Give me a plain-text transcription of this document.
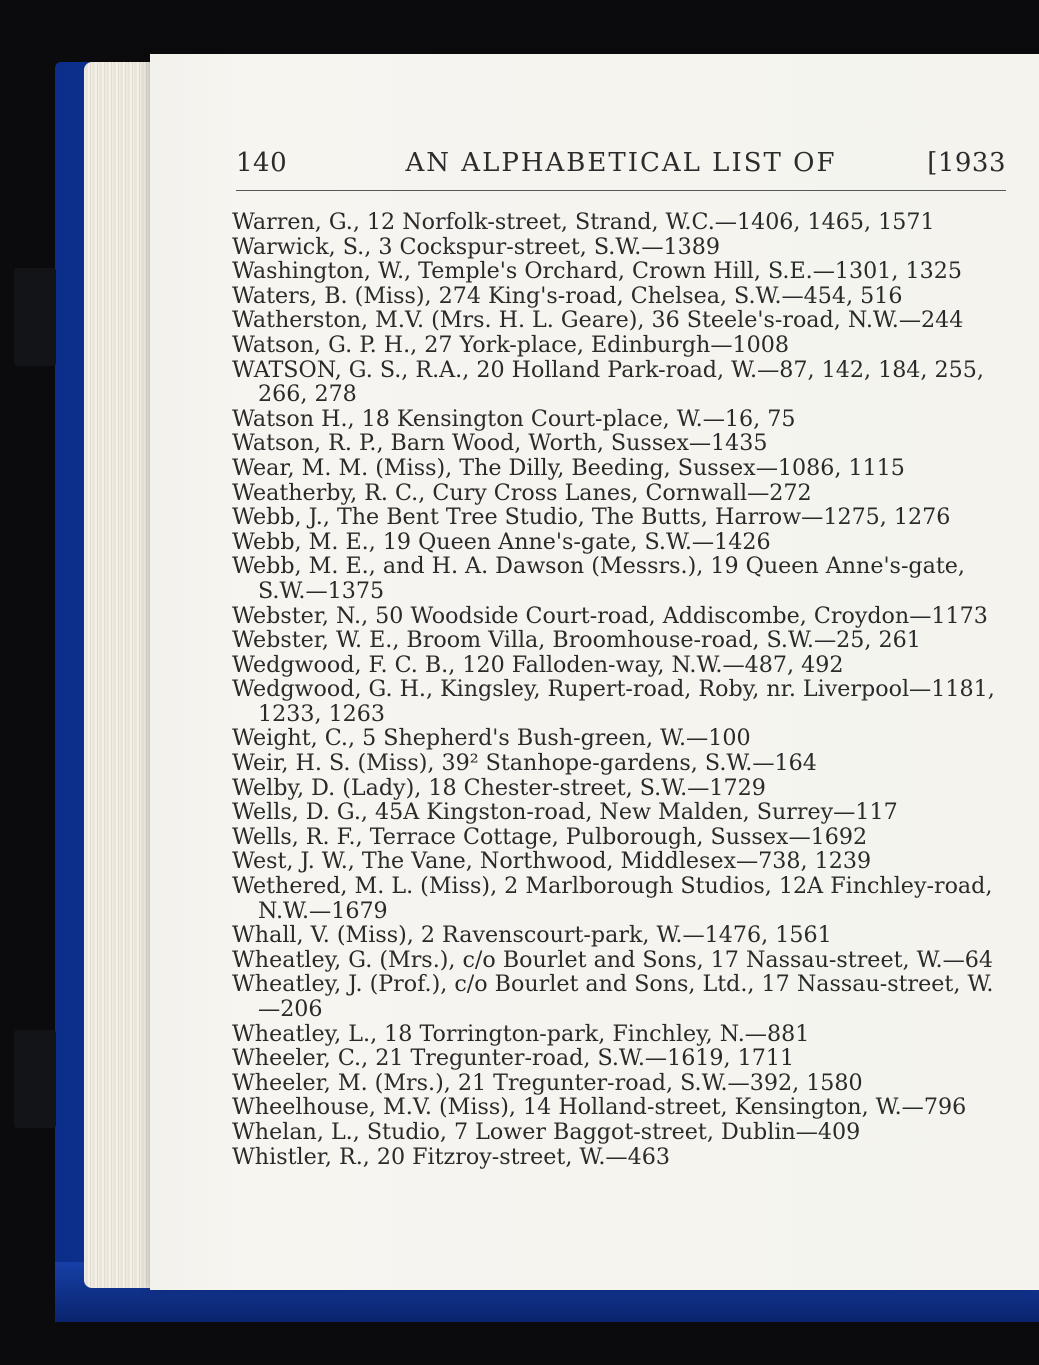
140	AN ALPHABETICAL LIST OF	[1933

Warren, G., 12 Norfolk-street, Strand, W.C.—1406, 1465, 1571

Warwick, S., 3 Cockspur-street, S.W.—1389

Washington, W., Temple's Orchard, Crown Hill, S.E.—1301, 1325

Waters, B. (Miss), 274 King's-road, Chelsea, S.W.—454, 516

Watherston, M.V. (Mrs. H. L. Geare), 36 Steele's-road, N.W.—244

Watson, G. P. H., 27 York-place, Edinburgh—1008

WATSON, G. S., R.A., 20 Holland Park-road, W.—87, 142, 184, 255, 266, 278

Watson H., 18 Kensington Court-place, W.—16, 75

Watson, R. P., Barn Wood, Worth, Sussex—1435

Wear, M. M. (Miss), The Dilly, Beeding, Sussex—1086, 1115

Weatherby, R. C., Cury Cross Lanes, Cornwall—272

Webb, J., The Bent Tree Studio, The Butts, Harrow—1275, 1276

Webb, M. E., 19 Queen Anne's-gate, S.W.—1426

Webb, M. E., and H. A. Dawson (Messrs.), 19 Queen Anne's-gate, S.W.—1375

Webster, N., 50 Woodside Court-road, Addiscombe, Croydon—1173

Webster, W. E., Broom Villa, Broomhouse-road, S.W.—25, 261

Wedgwood, F. C. B., 120 Falloden-way, N.W.—487, 492

Wedgwood, G. H., Kingsley, Rupert-road, Roby, nr. Liverpool—1181, 1233, 1263

Weight, C., 5 Shepherd's Bush-green, W.—100

Weir, H. S. (Miss), 39² Stanhope-gardens, S.W.—164

Welby, D. (Lady), 18 Chester-street, S.W.—1729

Wells, D. G., 45A Kingston-road, New Malden, Surrey—117

Wells, R. F., Terrace Cottage, Pulborough, Sussex—1692

West, J. W., The Vane, Northwood, Middlesex—738, 1239

Wethered, M. L. (Miss), 2 Marlborough Studios, 12A Finchley-road, N.W.—1679

Whall, V. (Miss), 2 Ravenscourt-park, W.—1476, 1561

Wheatley, G. (Mrs.), c/o Bourlet and Sons, 17 Nassau-street, W.—64

Wheatley, J. (Prof.), c/o Bourlet and Sons, Ltd., 17 Nassau-street, W.—206

Wheatley, L., 18 Torrington-park, Finchley, N.—881

Wheeler, C., 21 Tregunter-road, S.W.—1619, 1711

Wheeler, M. (Mrs.), 21 Tregunter-road, S.W.—392, 1580

Wheelhouse, M.V. (Miss), 14 Holland-street, Kensington, W.—796

Whelan, L., Studio, 7 Lower Baggot-street, Dublin—409

Whistler, R., 20 Fitzroy-street, W.—463
